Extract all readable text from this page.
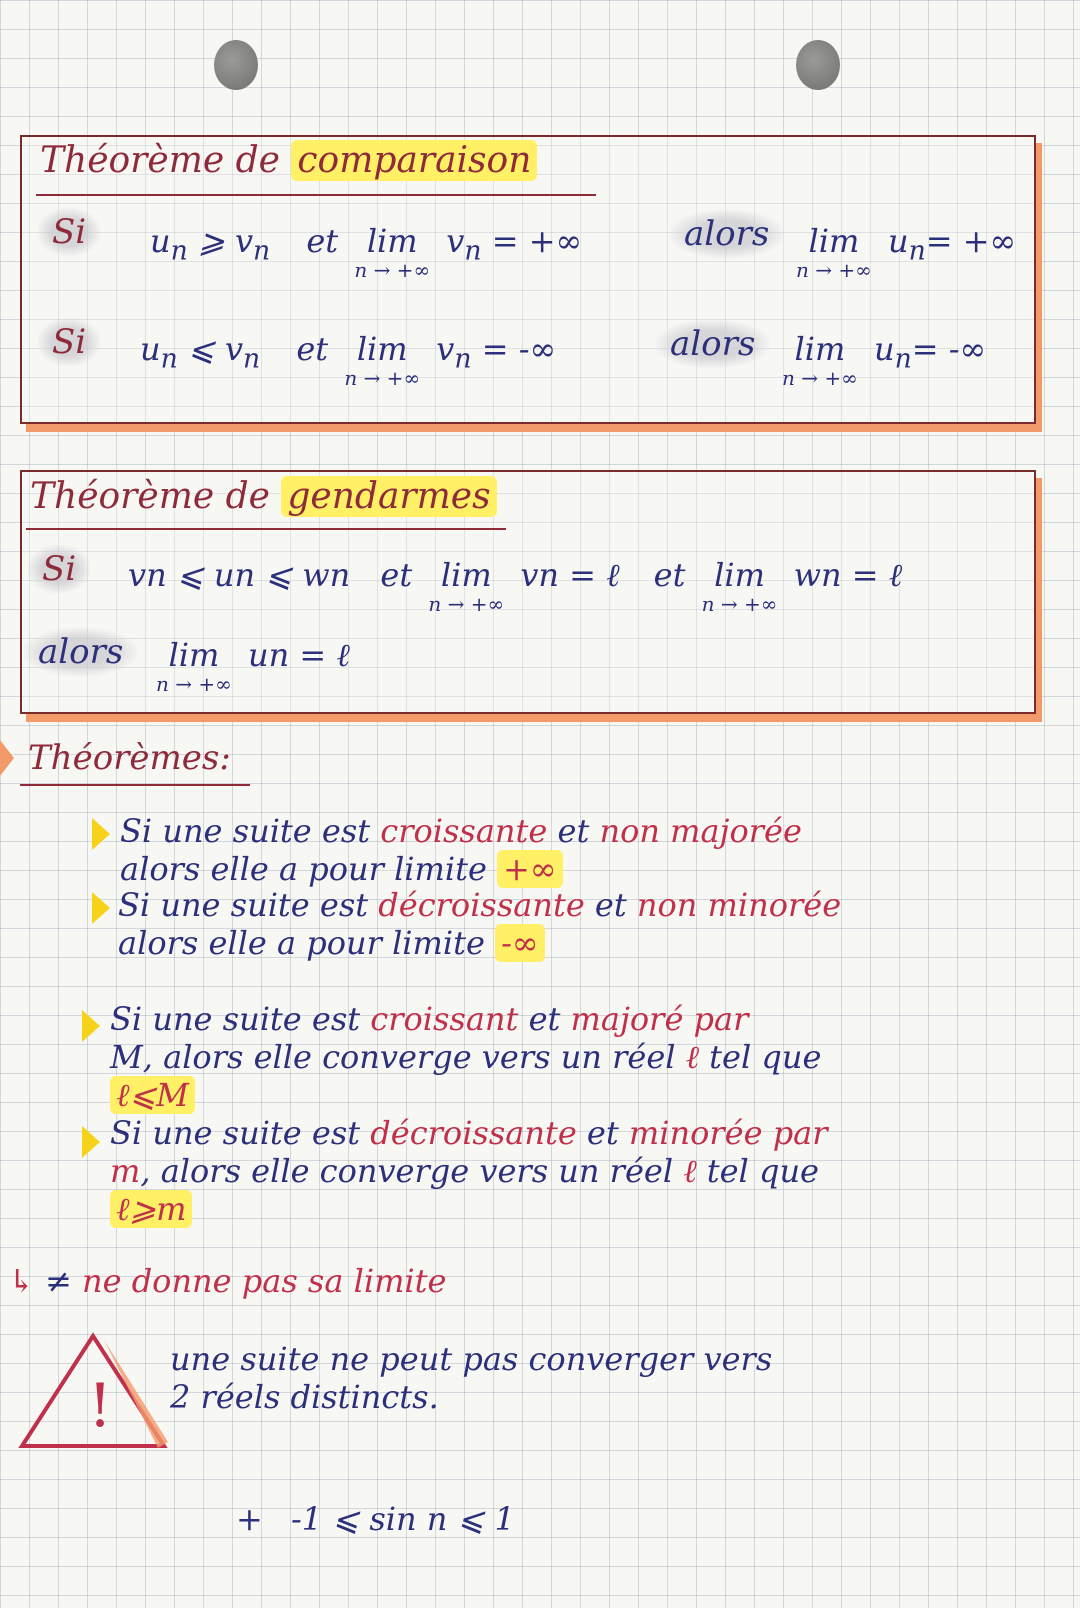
Théorème de comparaison
Si	$u_n$ ⩾ $v_n$ et lim
n → +∞
$v_n$ = +∞	alors	lim
n → +∞
$u_n=$ +∞
Si	$u_n$ ⩽ $v_n$ et lim
n → +∞
$v_n$ = -∞	alors	lim
n → +∞
$u_n=$ -∞
Théorème de gendarmes
Si	vn ⩽ un ⩽ wn et lim
n → +∞
vn = ℓ et lim
n → +∞
wn = ℓ
alors	lim
n → +∞
un = ℓ
Théorèmes:
Si une suite est croissante et non majorée
alors elle a pour limite +∞
Si une suite est décroissante et non minorée
alors elle a pour limite -∞
Si une suite est croissant et majoré par
M, alors elle converge vers un réel ℓ tel que
ℓ⩽M
Si une suite est décroissante et minorée par
m, alors elle converge vers un réel ℓ tel que
ℓ⩾m
↳ ≠ ne donne pas sa limite
!
une suite ne peut pas converger vers
2 réels distincts.
+ -1 ⩽ sin n ⩽ 1
